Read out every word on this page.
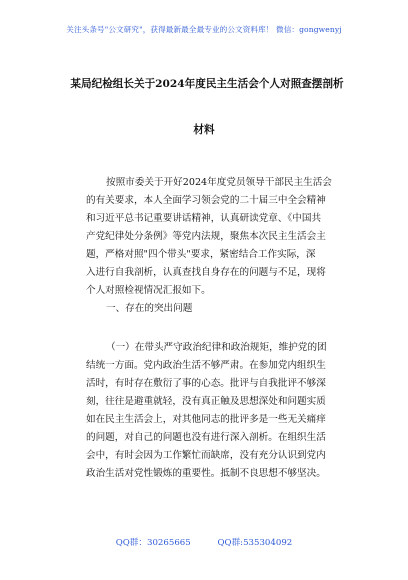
关注头条号"公文研究"，获得最新最全最专业的公文资料库！ 微信：gongwenyj
某局纪检组长关于2024年度民主生活会个人对照查摆剖析
材料
按照市委关于开好2024年度党员领导干部民主生活会
的有关要求，本人全面学习领会党的二十届三中全会精神
和习近平总书记重要讲话精神，认真研读党章、《中国共
产党纪律处分条例》等党内法规，聚焦本次民主生活会主
题，严格对照"四个带头"要求，紧密结合工作实际，深
入进行自我剖析，认真查找自身存在的问题与不足，现将
个人对照检视情况汇报如下。
一、存在的突出问题
（一）在带头严守政治纪律和政治规矩，维护党的团
结统一方面。党内政治生活不够严肃。在参加党内组织生
活时，有时存在敷衍了事的心态。批评与自我批评不够深
刻，往往是避重就轻，没有真正触及思想深处和问题实质
如在民主生活会上，对其他同志的批评多是一些无关痛痒
的问题，对自己的问题也没有进行深入剖析。在组织生活
会中，有时会因为工作繁忙而缺席，没有充分认识到党内
政治生活对党性锻炼的重要性。抵制不良思想不够坚决。
QQ群：30265665	QQ群:535304092
